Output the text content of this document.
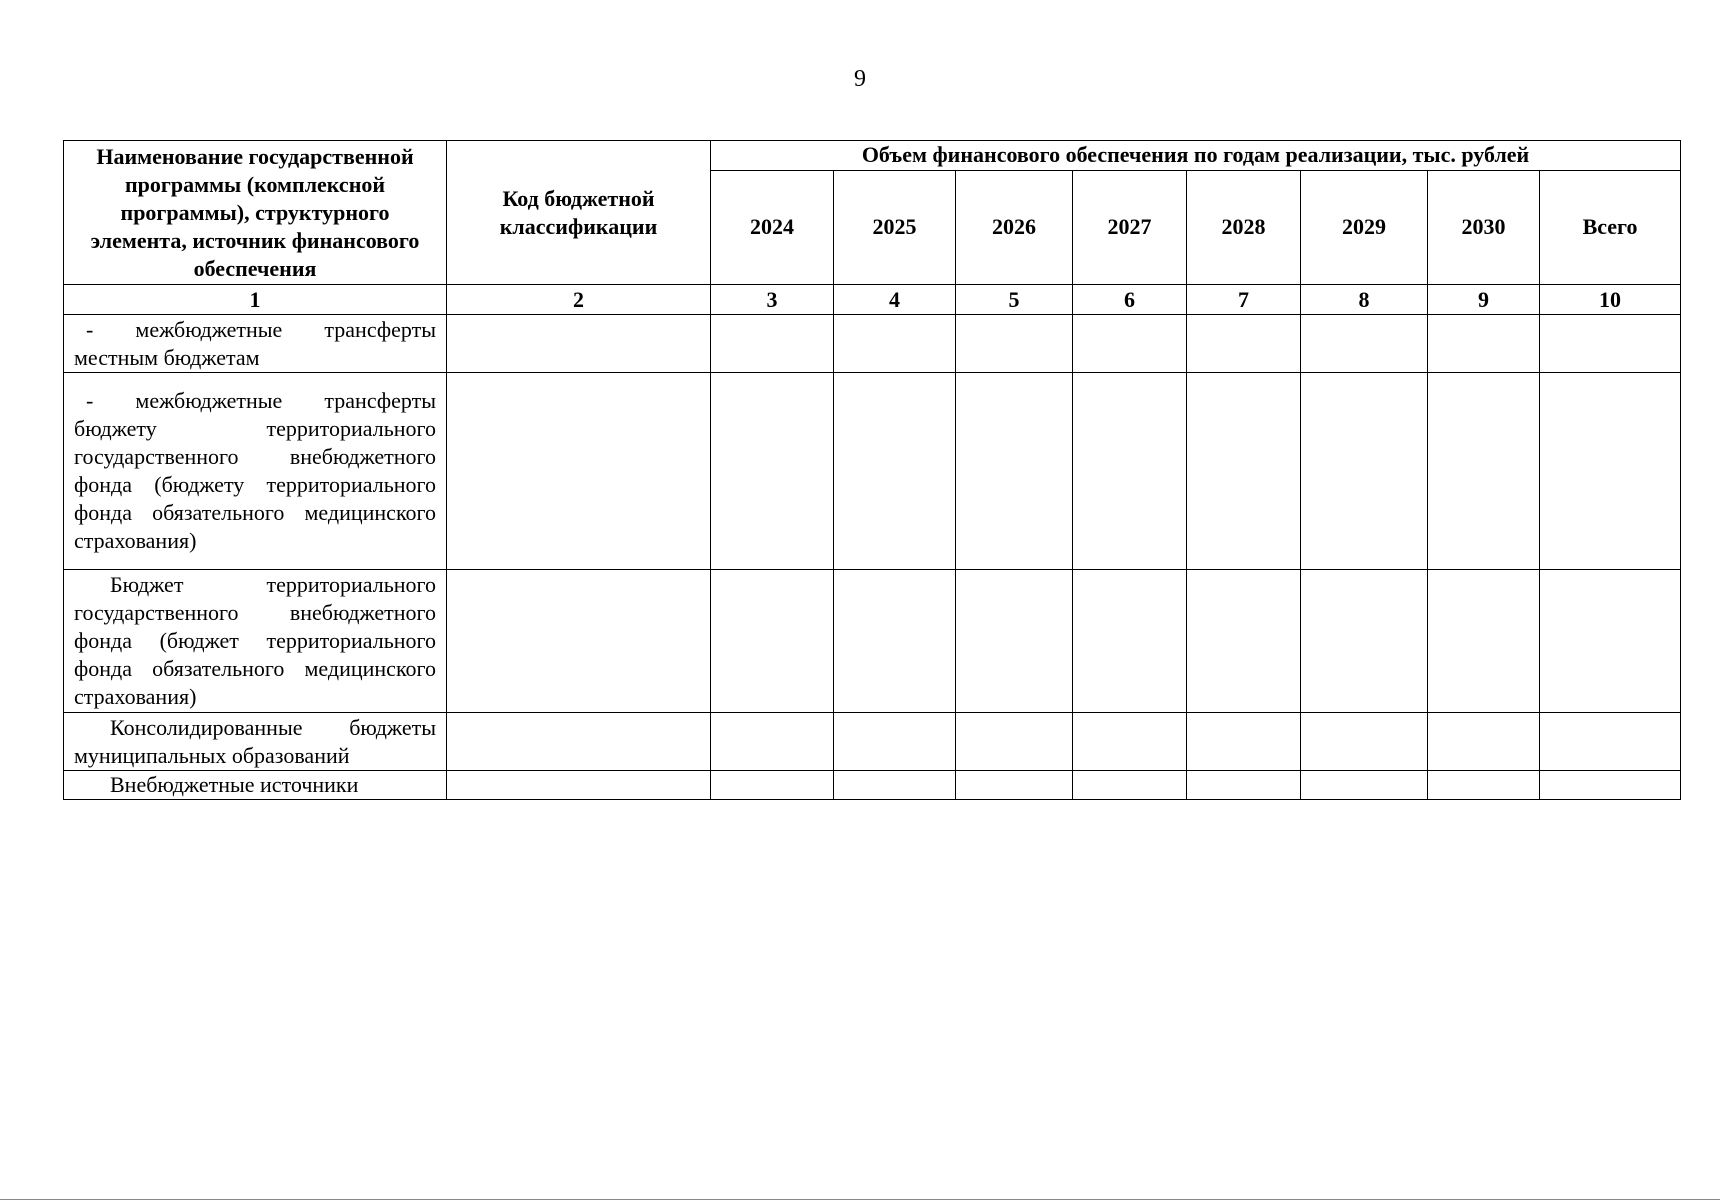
9
Наименование государственной программы (комплексной программы), структурного элемента, источник финансового обеспечения	Код бюджетной классификации	Объем финансового обеспечения по годам реализации, тыс. рублей							
		2024	2025	2026	2027	2028	2029	2030	Всего
1	2	3	4	5	6	7	8	9	10
- межбюджетные трансферты местным бюджетам									
- межбюджетные трансферты бюджету территориального государственного внебюджетного фонда (бюджету территориального фонда обязательного медицинского страхования)									
Бюджет территориального государственного внебюджетного фонда (бюджет территориального фонда обязательного медицинского страхования)									
Консолидированные бюджеты муниципальных образований									
Внебюджетные источники									
